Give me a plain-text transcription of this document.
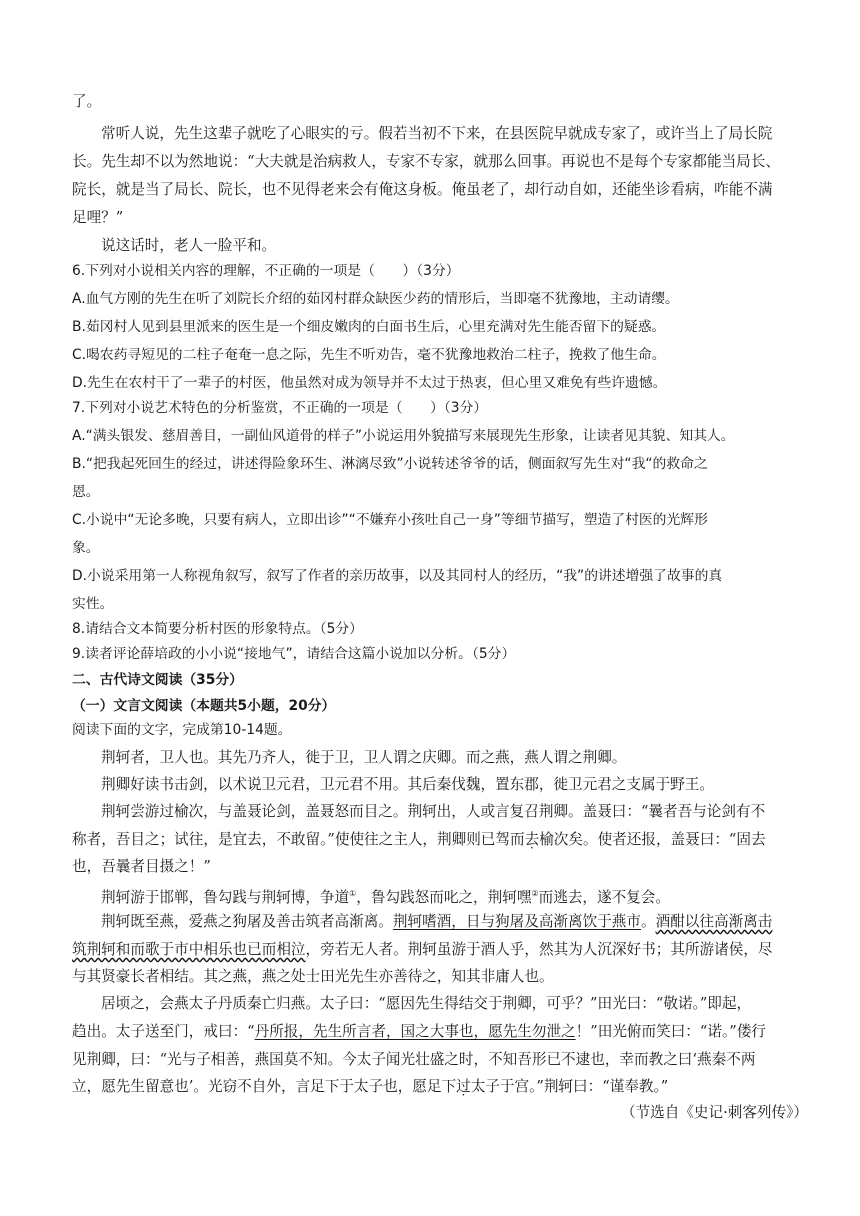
了。
常听人说，先生这辈子就吃了心眼实的亏。假若当初不下来，在县医院早就成专家了，或许当上了局长院
长。先生却不以为然地说：“大夫就是治病救人，专家不专家，就那么回事。再说也不是每个专家都能当局长、
院长，就是当了局长、院长，也不见得老来会有俺这身板。俺虽老了，却行动自如，还能坐诊看病，咋能不满
足哩？”
说这话时，老人一脸平和。
6.下列对小说相关内容的理解，不正确的一项是（　　）（3分）
A.血气方刚的先生在听了刘院长介绍的茹冈村群众缺医少药的情形后，当即毫不犹豫地，主动请缨。
B.茹冈村人见到县里派来的医生是一个细皮嫩肉的白面书生后，心里充满对先生能否留下的疑惑。
C.喝农药寻短见的二柱子奄奄一息之际，先生不听劝告，毫不犹豫地救治二柱子，挽救了他生命。
D.先生在农村干了一辈子的村医，他虽然对成为领导并不太过于热衷，但心里又难免有些许遗憾。
7.下列对小说艺术特色的分析鉴赏，不正确的一项是（　　）（3分）
A.“满头银发、慈眉善目，一副仙风道骨的样子”小说运用外貌描写来展现先生形象，让读者见其貌、知其人。
B.“把我起死回生的经过，讲述得险象环生、淋漓尽致”小说转述爷爷的话，侧面叙写先生对“我“的救命之
恩。
C.小说中“无论多晚，只要有病人，立即出诊”“不嫌弃小孩吐自己一身”等细节描写，塑造了村医的光辉形
象。
D.小说采用第一人称视角叙写，叙写了作者的亲历故事，以及其同村人的经历，“我”的讲述增强了故事的真
实性。
8.请结合文本简要分析村医的形象特点。（5分）
9.读者评论薛培政的小小说“接地气”，请结合这篇小说加以分析。（5分）
二、古代诗文阅读（35分）
（一）文言文阅读（本题共5小题，20分）
阅读下面的文字，完成第10-14题。
荆轲者，卫人也。其先乃齐人，徙于卫，卫人谓之庆卿。而之燕，燕人谓之荆卿。
荆卿好读书击剑，以术说卫元君，卫元君不用。其后秦伐魏，置东郡，徙卫元君之支属于野王。
荆轲尝游过榆次，与盖聂论剑，盖聂怒而目之。荆轲出，人或言复召荆卿。盖聂曰：“曩者吾与论剑有不
称者，吾目之；试往，是宜去，不敢留。”使使往之主人，荆卿则已驾而去榆次矣。使者还报，盖聂曰：“固去
也，吾曩者目摄之！”
荆轲游于邯郸，鲁勾践与荆轲博，争道①，鲁勾践怒而叱之，荆轲嘿②而逃去，遂不复会。
荆轲既至燕，爱燕之狗屠及善击筑者高渐离。荆轲嗜酒，日与狗屠及高渐离饮于燕市。酒酣以往高渐离击
筑荆轲和而歌于市中相乐也已而相泣，旁若无人者。荆轲虽游于酒人乎，然其为人沉深好书；其所游诸侯，尽
与其贤豪长者相结。其之燕，燕之处士田光先生亦善待之，知其非庸人也。
居顷之，会燕太子丹质秦亡归燕。太子曰：“愿因先生得结交于荆卿，可乎？”田光曰：“敬诺。”即起，
趋出。太子送至门，戒曰：“丹所报，先生所言者，国之大事也，愿先生勿泄之！”田光俯而笑曰：“诺。”偻行
见荆卿，曰：“光与子相善，燕国莫不知。今太子闻光壮盛之时，不知吾形已不逮也，幸而教之曰‘燕秦不两
立，愿先生留意也’。光窃不自外，言足下于太子也，愿足下过太子于宫。”荆轲曰：“谨奉教。”
（节选自《史记·刺客列传》）
